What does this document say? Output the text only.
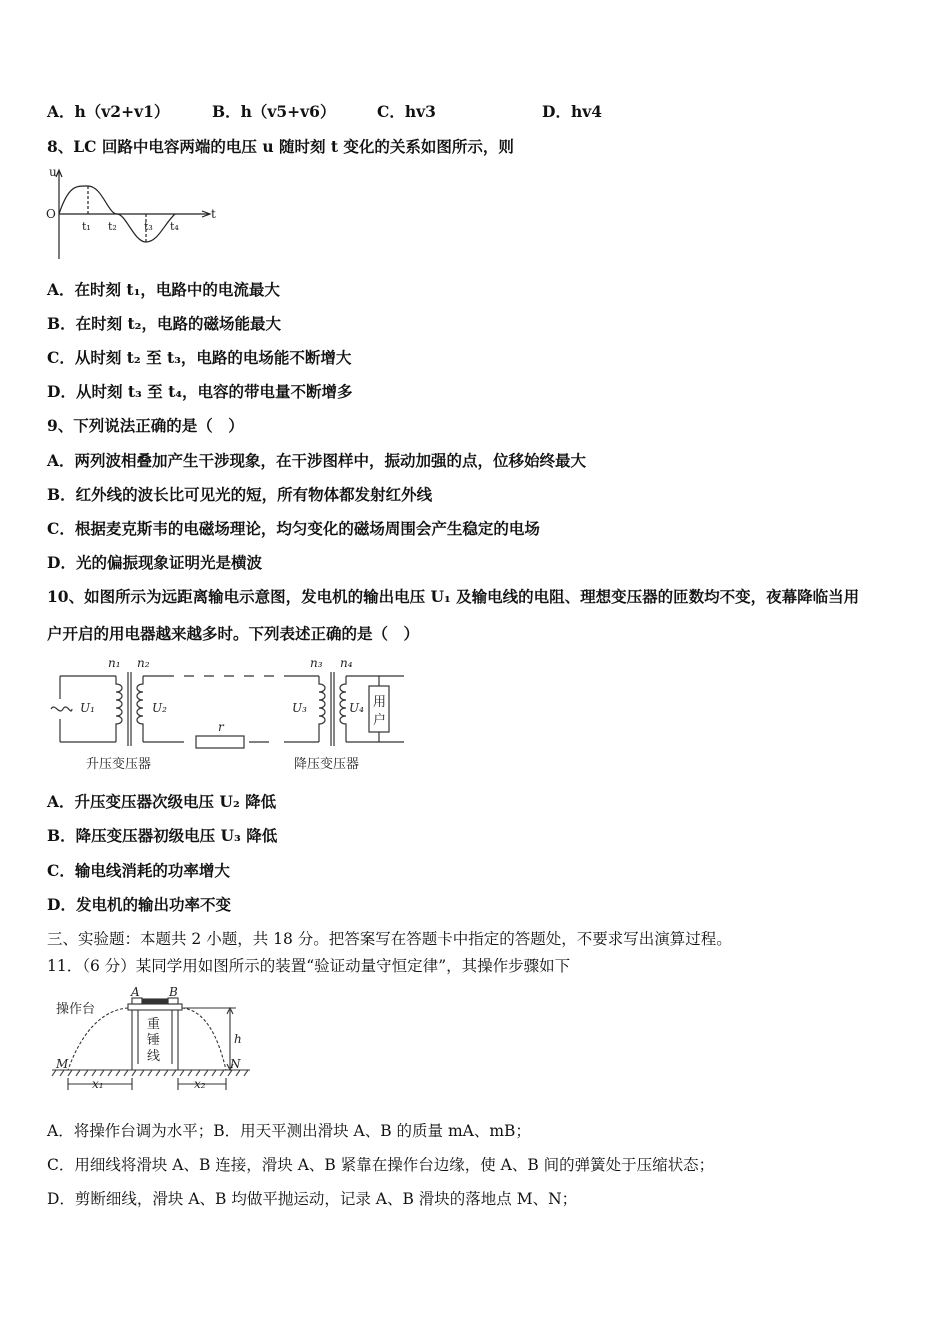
A．h（v2+v1）	B．h（v5+v6）	C．hv3	D．hv4
8、LC 回路中电容两端的电压 u 随时刻 t 变化的关系如图所示，则
u
O	t
t₁ t₂ t₃ t₄
A．在时刻 t₁，电路中的电流最大
B．在时刻 t₂，电路的磁场能最大
C．从时刻 t₂ 至 t₃，电路的电场能不断增大
D．从时刻 t₃ 至 t₄，电容的带电量不断增多
9、下列说法正确的是（　）
A．两列波相叠加产生干涉现象，在干涉图样中，振动加强的点，位移始终最大
B．红外线的波长比可见光的短，所有物体都发射红外线
C．根据麦克斯韦的电磁场理论，均匀变化的磁场周围会产生稳定的电场
D．光的偏振现象证明光是横波
10、如图所示为远距离输电示意图，发电机的输出电压 U₁ 及输电线的电阻、理想变压器的匝数均不变，夜幕降临当用
户开启的用电器越来越多时。下列表述正确的是（　）
n₁ n₂	n₃ n₄
U₁	U₂	U₃	U₄
r
用
户
升压变压器	降压变压器
A．升压变压器次级电压 U₂ 降低
B．降压变压器初级电压 U₃ 降低
C．输电线消耗的功率增大
D．发电机的输出功率不变
三、实验题：本题共 2 小题，共 18 分。把答案写在答题卡中指定的答题处，不要求写出演算过程。
11．（6 分）某同学用如图所示的装置“验证动量守恒定律”，其操作步骤如下
操作台
重
锤
线
A B
h
M	N
x₁	x₂
A．将操作台调为水平；B．用天平测出滑块 A、B 的质量 mA、mB；
C．用细线将滑块 A、B 连接，滑块 A、B 紧靠在操作台边缘，使 A、B 间的弹簧处于压缩状态；
D．剪断细线，滑块 A、B 均做平抛运动，记录 A、B 滑块的落地点 M、N；
